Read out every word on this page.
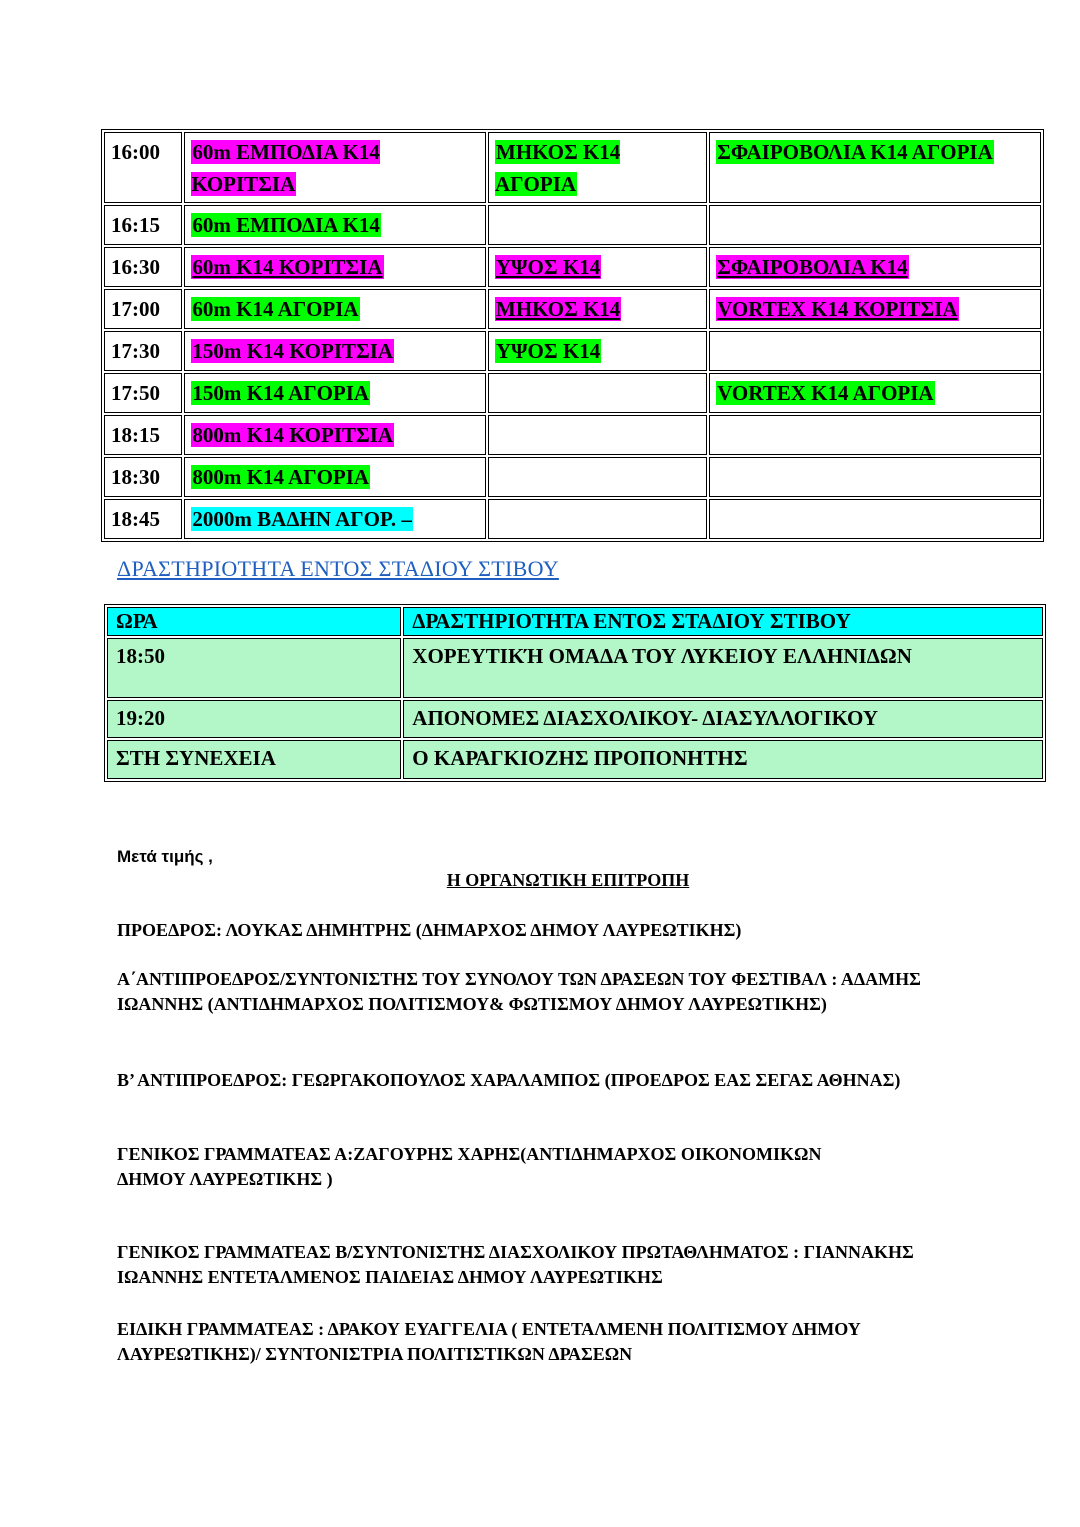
16:00	60m ΕΜΠΟΔΙΑ Κ14 ΚΟΡΙΤΣΙΑ	ΜΗΚΟΣ Κ14 ΑΓΟΡΙΑ	ΣΦΑΙΡΟΒΟΛΙΑ Κ14 ΑΓΟΡΙΑ
16:15	60m ΕΜΠΟΔΙΑ Κ14		
16:30	60m Κ14 ΚΟΡΙΤΣΙΑ	ΥΨΟΣ Κ14	ΣΦΑΙΡΟΒΟΛΙΑ Κ14
17:00	60m Κ14 ΑΓΟΡΙΑ	ΜΗΚΟΣ Κ14	VORTEX Κ14 ΚΟΡΙΤΣΙΑ
17:30	150m Κ14 ΚΟΡΙΤΣΙΑ	ΥΨΟΣ Κ14	
17:50	150m Κ14 ΑΓΟΡΙΑ		VORTEX Κ14 ΑΓΟΡΙΑ
18:15	800m Κ14 ΚΟΡΙΤΣΙΑ		
18:30	800m Κ14 ΑΓΟΡΙΑ		
18:45	2000m ΒΑΔΗΝ ΑΓΟΡ. –		
ΔΡΑΣΤΗΡΙΟΤΗΤΑ ΕΝΤΟΣ ΣΤΑΔΙΟΥ ΣΤΙΒΟΥ
ΩΡΑ	ΔΡΑΣΤΗΡΙΟΤΗΤΑ ΕΝΤΟΣ ΣΤΑΔΙΟΥ ΣΤΙΒΟΥ
18:50	ΧΟΡΕΥΤΙΚΉ ΟΜΑΔΑ ΤΟΥ ΛΥΚΕΙΟΥ ΕΛΛΗΝΙΔΩΝ
19:20	ΑΠΟΝΟΜΕΣ ΔΙΑΣΧΟΛΙΚΟΥ- ΔΙΑΣΥΛΛΟΓΙΚΟΥ
ΣΤΗ ΣΥΝΕΧΕΙΑ	Ο ΚΑΡΑΓΚΙΟΖΗΣ ΠΡΟΠΟΝΗΤΗΣ

Μετά τιμής ,

Η ΟΡΓΑΝΩΤΙΚΗ ΕΠΙΤΡΟΠΗ

ΠΡΟΕΔΡΟΣ: ΛΟΥΚΑΣ ΔΗΜΗΤΡΗΣ (ΔΗΜΑΡΧΟΣ ΔΗΜΟΥ ΛΑΥΡΕΩΤΙΚΗΣ)

Α΄ΑΝΤΙΠΡΟΕΔΡΟΣ/ΣΥΝΤΟΝΙΣΤΗΣ ΤΟΥ ΣΥΝΟΛΟΥ ΤΩΝ ΔΡΑΣΕΩΝ ΤΟΥ ΦΕΣΤΙΒΑΛ : ΑΔΑΜΗΣ ΙΩΑΝΝΗΣ (ΑΝΤΙΔΗΜΑΡΧΟΣ ΠΟΛΙΤΙΣΜΟΥ& ΦΩΤΙΣΜΟΥ ΔΗΜΟΥ ΛΑΥΡΕΩΤΙΚΗΣ)

Β’ ΑΝΤΙΠΡΟΕΔΡΟΣ: ΓΕΩΡΓΑΚΟΠΟΥΛΟΣ ΧΑΡΑΛΑΜΠΟΣ (ΠΡΟΕΔΡΟΣ ΕΑΣ ΣΕΓΑΣ ΑΘΗΝΑΣ)

ΓΕΝΙΚΟΣ ΓΡΑΜΜΑΤΕΑΣ Α:ΖΑΓΟΥΡΗΣ ΧΑΡΗΣ(ΑΝΤΙΔΗΜΑΡΧΟΣ ΟΙΚΟΝΟΜΙΚΩΝ ΔΗΜΟΥ ΛΑΥΡΕΩΤΙΚΗΣ )

ΓΕΝΙΚΟΣ ΓΡΑΜΜΑΤΕΑΣ Β/ΣΥΝΤΟΝΙΣΤΗΣ ΔΙΑΣΧΟΛΙΚΟΥ ΠΡΩΤΑΘΛΗΜΑΤΟΣ : ΓΙΑΝΝΑΚΗΣ ΙΩΑΝΝΗΣ ΕΝΤΕΤΑΛΜΕΝΟΣ ΠΑΙΔΕΙΑΣ ΔΗΜΟΥ ΛΑΥΡΕΩΤΙΚΗΣ

ΕΙΔΙΚΗ ΓΡΑΜΜΑΤΕΑΣ : ΔΡΑΚΟΥ ΕΥΑΓΓΕΛΙΑ ( ΕΝΤΕΤΑΛΜΕΝΗ ΠΟΛΙΤΙΣΜΟΥ ΔΗΜΟΥ ΛΑΥΡΕΩΤΙΚΗΣ)/ ΣΥΝΤΟΝΙΣΤΡΙΑ ΠΟΛΙΤΙΣΤΙΚΩΝ ΔΡΑΣΕΩΝ
